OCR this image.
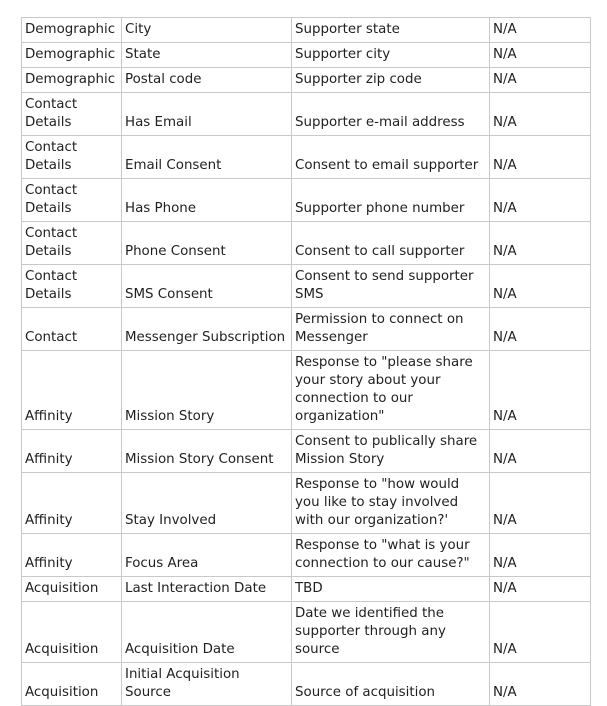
Demographic	City	Supporter state	N/A
Demographic	State	Supporter city	N/A
Demographic	Postal code	Supporter zip code	N/A
Contact Details	Has Email	Supporter e-mail address	N/A
Contact Details	Email Consent	Consent to email supporter	N/A
Contact Details	Has Phone	Supporter phone number	N/A
Contact Details	Phone Consent	Consent to call supporter	N/A
Contact Details	SMS Consent	Consent to send supporter SMS	N/A
Contact	Messenger Subscription	Permission to connect on Messenger	N/A
Affinity	Mission Story	Response to "please share your story about your connection to our organization"	N/A
Affinity	Mission Story Consent	Consent to publically share Mission Story	N/A
Affinity	Stay Involved	Response to "how would you like to stay involved with our organization?'	N/A
Affinity	Focus Area	Response to "what is your connection to our cause?"	N/A
Acquisition	Last Interaction Date	TBD	N/A
Acquisition	Acquisition Date	Date we identified the supporter through any source	N/A
Acquisition	Initial Acquisition Source	Source of acquisition	N/A
